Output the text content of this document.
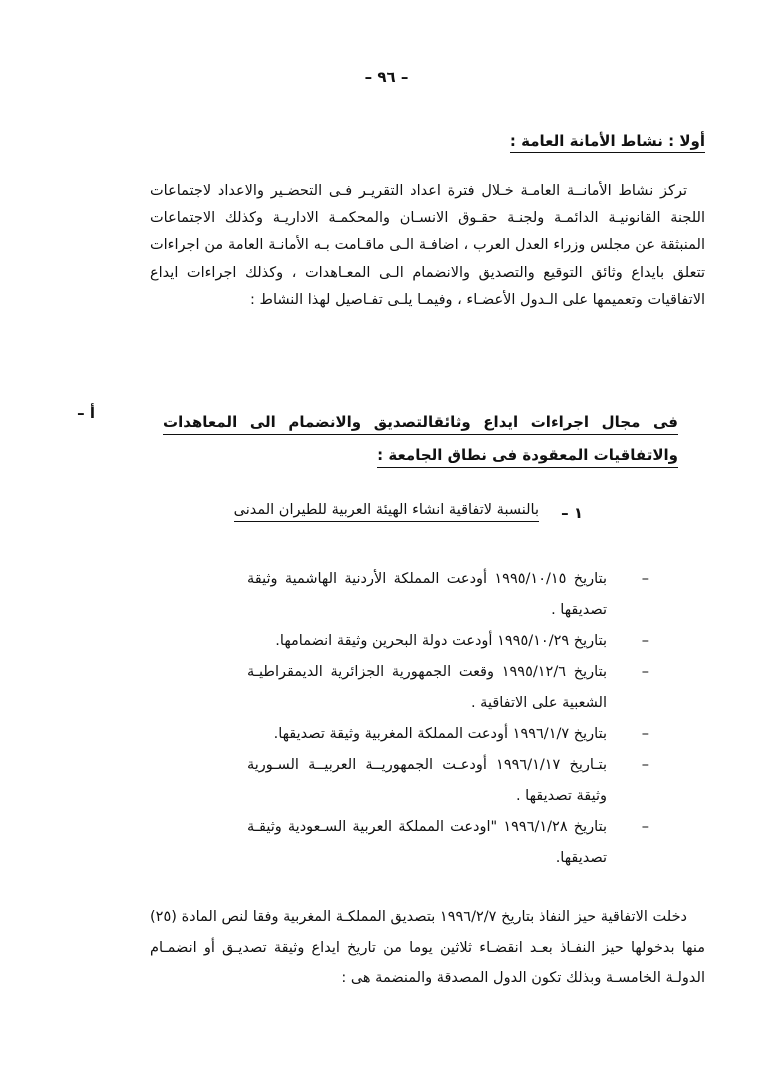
– ٩٦ –
أولا : نشاط الأمانة العامة :
تركز نشاط الأمانــة العامـة خـلال فترة اعداد التقريـر فـى التحضـير والاعداد لاجتماعات اللجنة القانونيـة الدائمـة ولجنـة حقـوق الانسـان والمحكمـة الاداريـة وكذلك الاجتماعات المنبثقة عن مجلس وزراء العدل العرب ، اضافـة الـى ماقـامت بـه الأمانـة العامة من اجراءات تتعلق بايداع وثائق التوقيع والتصديق والانضمام الـى المعـاهدات ، وكذلك اجراءات ايداع الاتفاقيات وتعميمها على الـدول الأعضـاء ، وفيمـا يلـى تفـاصيل لهذا النشاط :
أ –	فى مجال اجراءات ايداع وثائقالتصديق والانضمام الى المعاهدات والاتفاقيات المعقودة فى نطاق الجامعة :
١ –
بالنسبة لاتفاقية انشاء الهيئة العربية للطيران المدنى
–
بتاريخ ١٩٩٥/١٠/١٥ أودعت المملكة الأردنية الهاشمية وثيقة تصديقها .
–
بتاريخ ١٩٩٥/١٠/٢٩ أودعت دولة البحرين وثيقة انضمامها.
–
بتاريخ ١٩٩٥/١٢/٦ وقعت الجمهورية الجزائرية الديمقراطيـة الشعبية على الاتفاقية .
–
بتاريخ ١٩٩٦/١/٧ أودعت المملكة المغربية وثيقة تصديقها.
–
بتـاريخ ١٩٩٦/١/١٧ أودعـت الجمهوريــة العربيــة السـورية وثيقة تصديقها .
–
بتاريخ ١٩٩٦/١/٢٨ "اودعت المملكة العربية السـعودية وثيقـة تصديقها.
دخلت الاتفاقية حيز النفاذ بتاريخ ١٩٩٦/٢/٧ بتصديق المملكـة المغربية وفقا لنص المادة (٢٥) منها بدخولها حيز النفـاذ بعـد انقضـاء ثلاثين يوما من تاريخ ايداع وثيقة تصديـق أو انضمـام الدولـة الخامسـة وبذلك تكون الدول المصدقة والمنضمة هى :
